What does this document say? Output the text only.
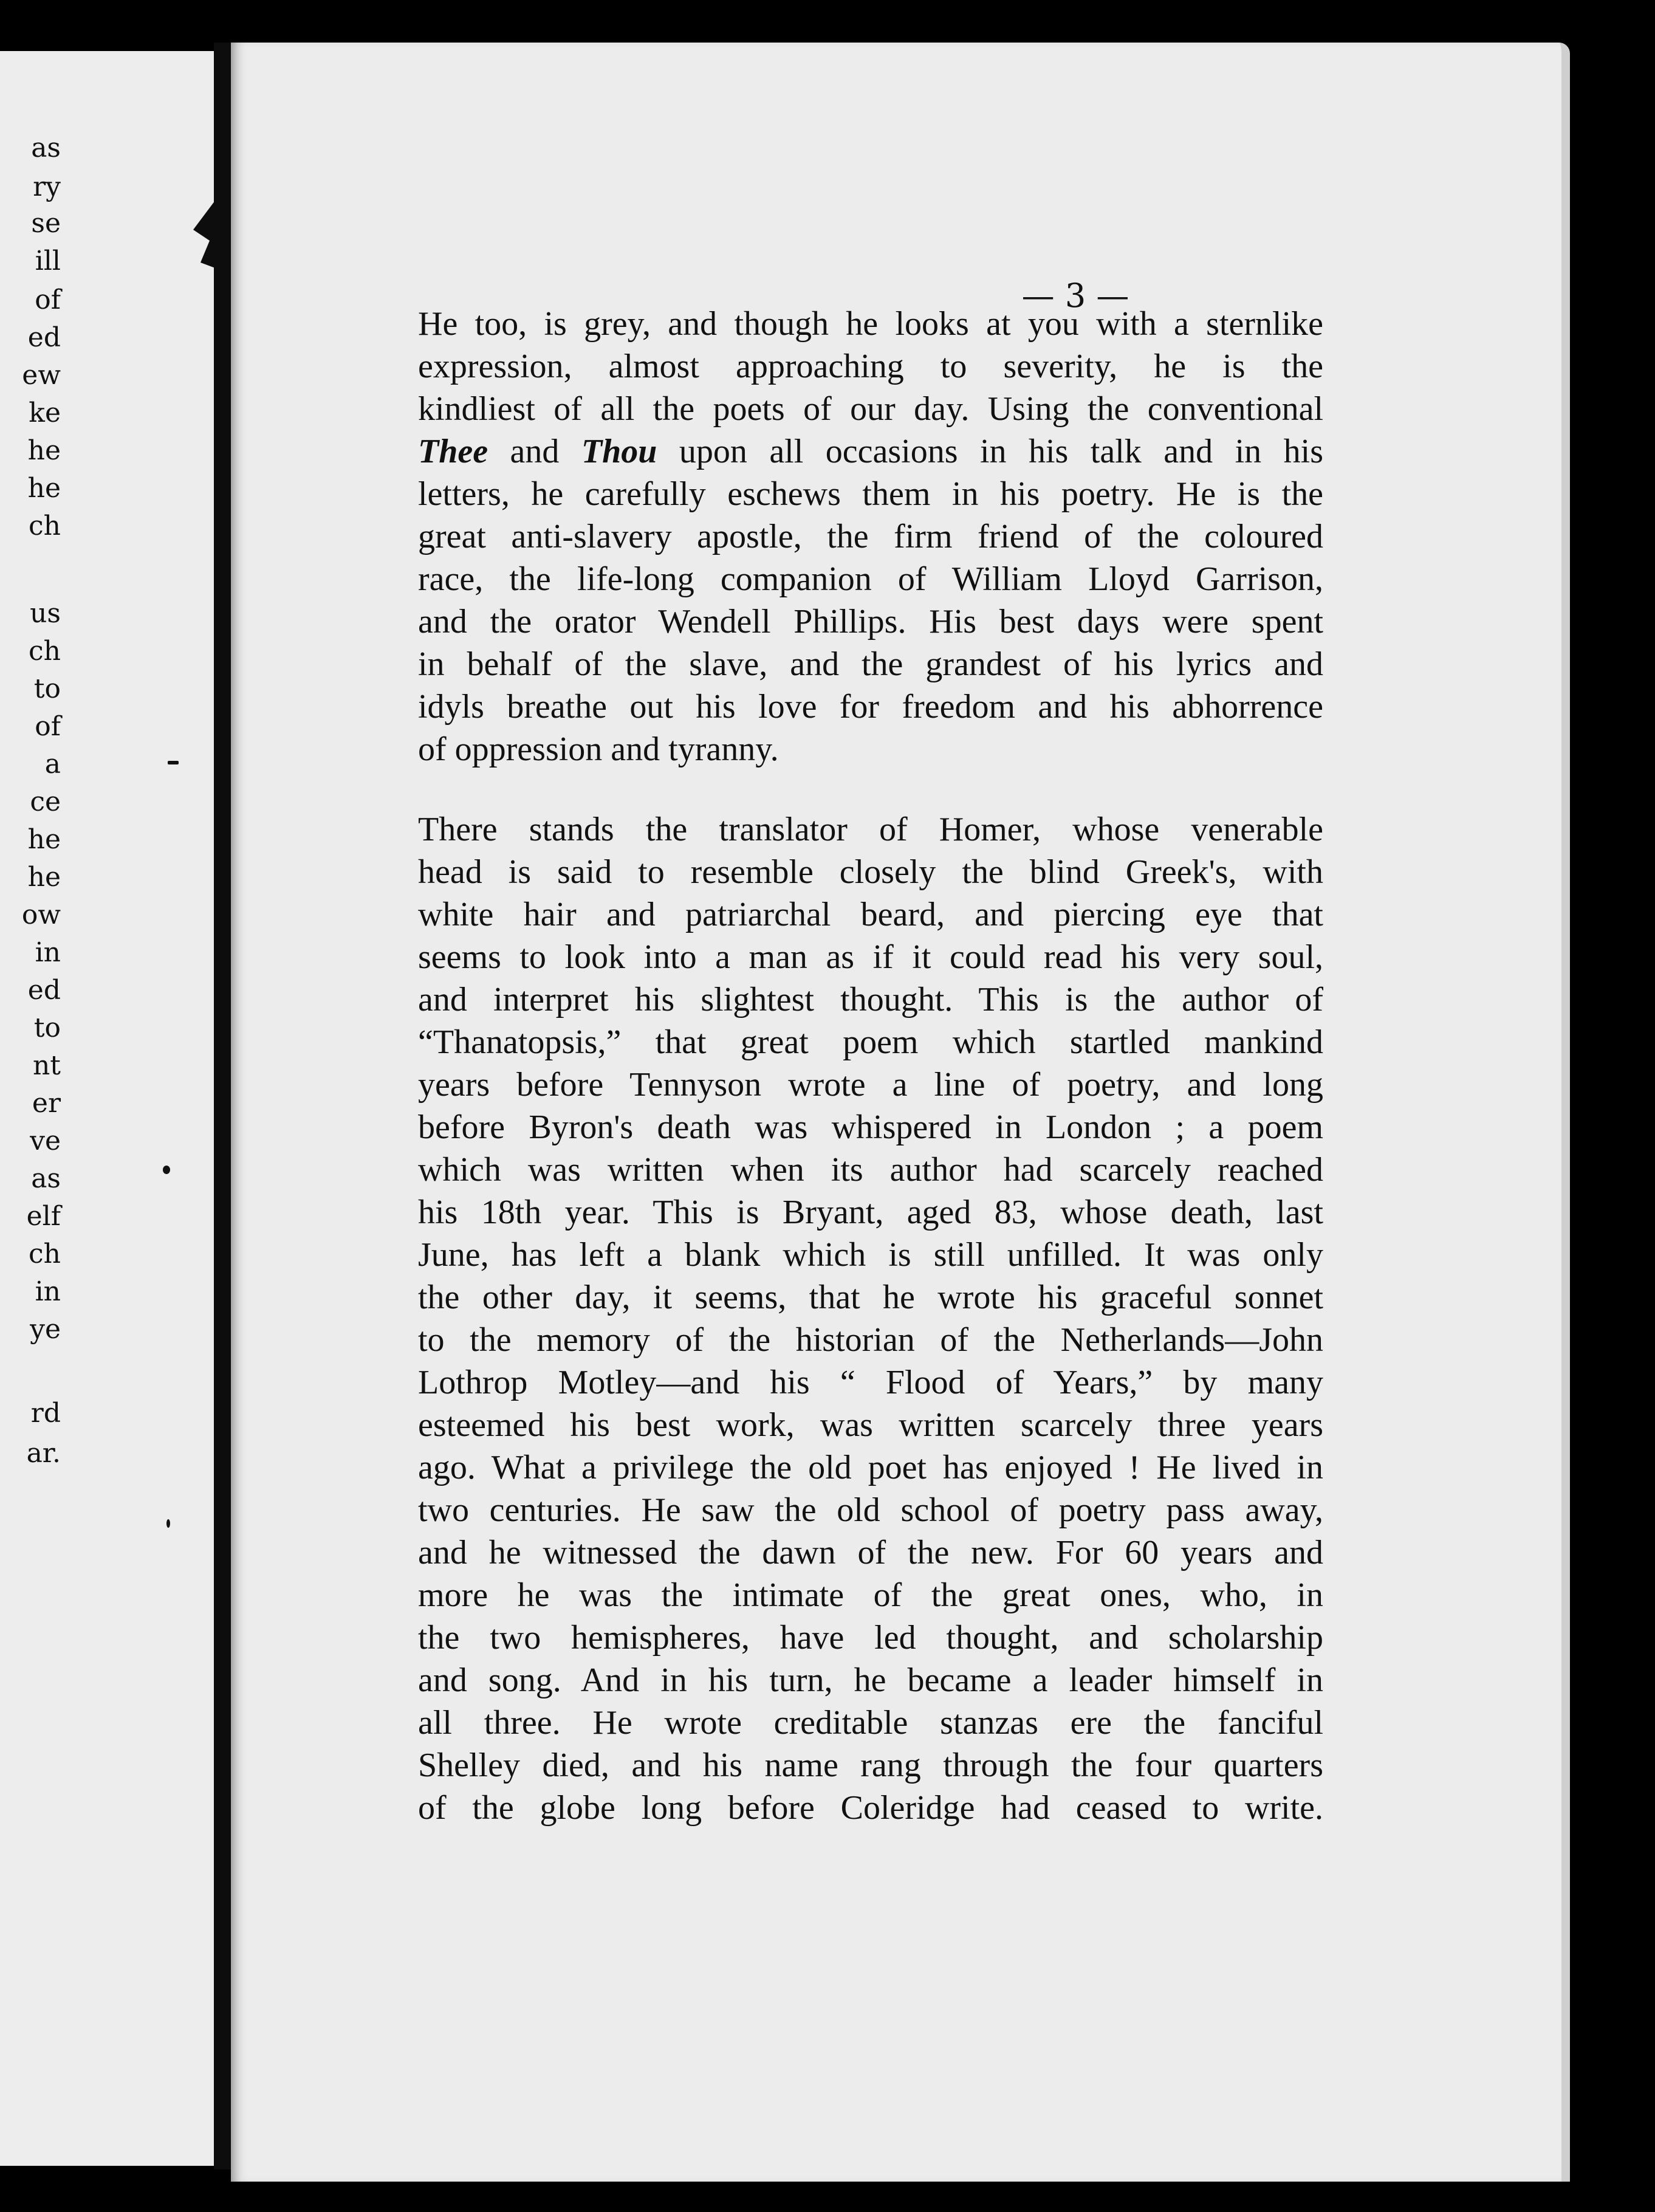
as
ry
se
ill
of
ed
ew
ke
he
he
ch
us
ch
to
of
a
ce
he
he
ow
in
ed
to
nt
er
ve
as
elf
ch
in
ye
rd
ar.
— 3 —
He too, is grey, and though he looks at you with a sternlike
expression, almost approaching to severity, he is the
kindliest of all the poets of our day. Using the conventional
Thee and Thou upon all occasions in his talk and in his
letters, he carefully eschews them in his poetry. He is the
great anti-slavery apostle, the firm friend of the coloured
race, the life-long companion of William Lloyd Garrison,
and the orator Wendell Phillips. His best days were spent
in behalf of the slave, and the grandest of his lyrics and
idyls breathe out his love for freedom and his abhorrence
of oppression and tyranny.
There stands the translator of Homer, whose venerable
head is said to resemble closely the blind Greek's, with
white hair and patriarchal beard, and piercing eye that
seems to look into a man as if it could read his very soul,
and interpret his slightest thought. This is the author of
“Thanatopsis,” that great poem which startled mankind
years before Tennyson wrote a line of poetry, and long
before Byron's death was whispered in London ; a poem
which was written when its author had scarcely reached
his 18th year. This is Bryant, aged 83, whose death, last
June, has left a blank which is still unfilled. It was only
the other day, it seems, that he wrote his graceful sonnet
to the memory of the historian of the Netherlands—John
Lothrop Motley—and his “ Flood of Years,” by many
esteemed his best work, was written scarcely three years
ago. What a privilege the old poet has enjoyed ! He lived in
two centuries. He saw the old school of poetry pass away,
and he witnessed the dawn of the new. For 60 years and
more he was the intimate of the great ones, who, in
the two hemispheres, have led thought, and scholarship
and song. And in his turn, he became a leader himself in
all three. He wrote creditable stanzas ere the fanciful
Shelley died, and his name rang through the four quarters
of the globe long before Coleridge had ceased to write.
